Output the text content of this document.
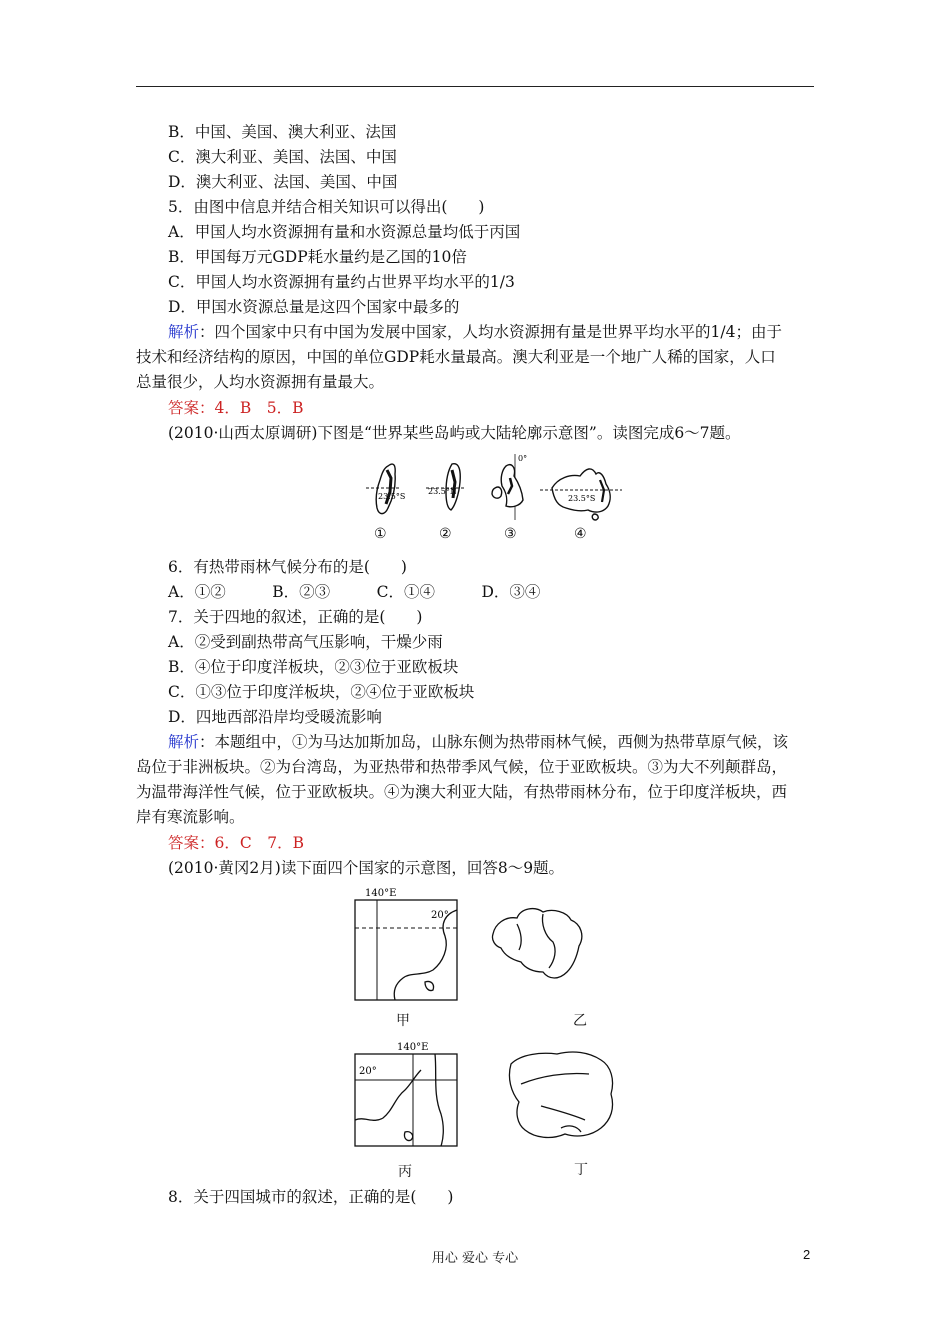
B．中国、美国、澳大利亚、法国
C．澳大利亚、美国、法国、中国
D．澳大利亚、法国、美国、中国
5．由图中信息并结合相关知识可以得出(　　)
A．甲国人均水资源拥有量和水资源总量均低于丙国
B．甲国每万元GDP耗水量约是乙国的10倍
C．甲国人均水资源拥有量约占世界平均水平的1/3
D．甲国水资源总量是这四个国家中最多的
解析：四个国家中只有中国为发展中国家，人均水资源拥有量是世界平均水平的1/4；由于
技术和经济结构的原因，中国的单位GDP耗水量最高。澳大利亚是一个地广人稀的国家，人口
总量很少，人均水资源拥有量最大。
答案：4．B　5．B
(2010·山西太原调研)下图是“世界某些岛屿或大陆轮廓示意图”。读图完成6～7题。
23.5°S
23.5°N
0°
23.5°S
①	②	③	④
6．有热带雨林气候分布的是(　　)
A．①②　　　B．②③　　　C．①④　　　D．③④
7．关于四地的叙述，正确的是(　　)
A．②受到副热带高气压影响，干燥少雨
B．④位于印度洋板块，②③位于亚欧板块
C．①③位于印度洋板块，②④位于亚欧板块
D．四地西部沿岸均受暖流影响
解析：本题组中，①为马达加斯加岛，山脉东侧为热带雨林气候，西侧为热带草原气候，该
岛位于非洲板块。②为台湾岛，为亚热带和热带季风气候，位于亚欧板块。③为大不列颠群岛，
为温带海洋性气候，位于亚欧板块。④为澳大利亚大陆，有热带雨林分布，位于印度洋板块，西
岸有寒流影响。
答案：6．C　7．B
(2010·黄冈2月)读下面四个国家的示意图，回答8～9题。
140°E
20°
140°E
20°
甲	乙
丙	丁
8．关于四国城市的叙述，正确的是(　　)
用心 爱心 专心	2
